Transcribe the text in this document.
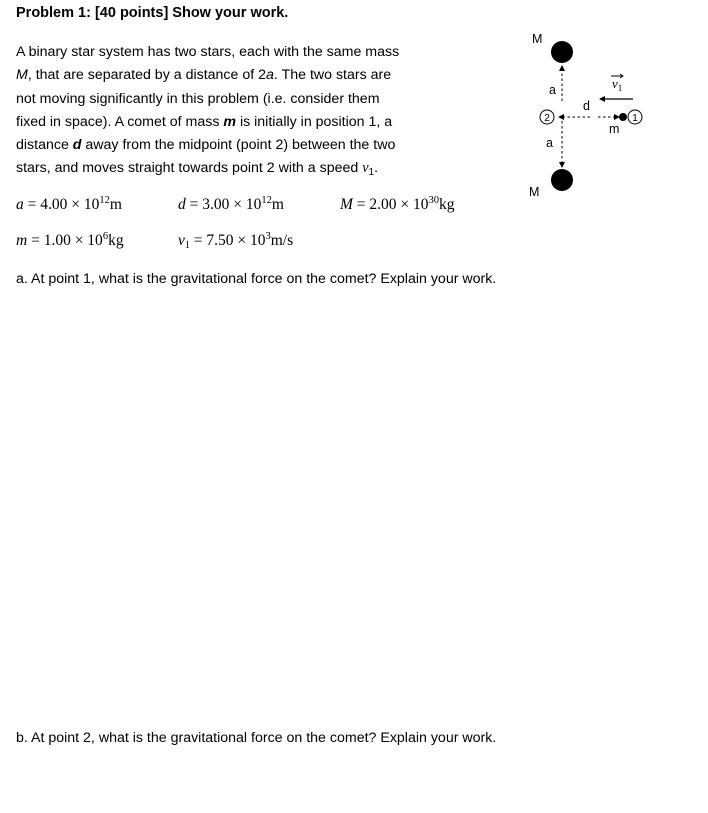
Problem 1: [40 points] Show your work.
A binary star system has two stars, each with the same mass
M, that are separated by a distance of 2a. The two stars are
not moving significantly in this problem (i.e. consider them
fixed in space). A comet of mass m is initially in position 1, a
distance d away from the midpoint (point 2) between the two
stars, and moves straight towards point 2 with a speed $v_1$.
$a = 4.00 \times 10^{12}m$	$d = 3.00 \times 10^{12}m$	$M = 2.00 \times 10^{30}kg$
$m = 1.00 \times 10^6kg$	$v_1 = 7.50 \times 10^3m/s$
a. At point 1, what is the gravitational force on the comet? Explain your work.
b. At point 2, what is the gravitational force on the comet? Explain your work.
M
a
a
M
2
d
1
m
$v_1$
